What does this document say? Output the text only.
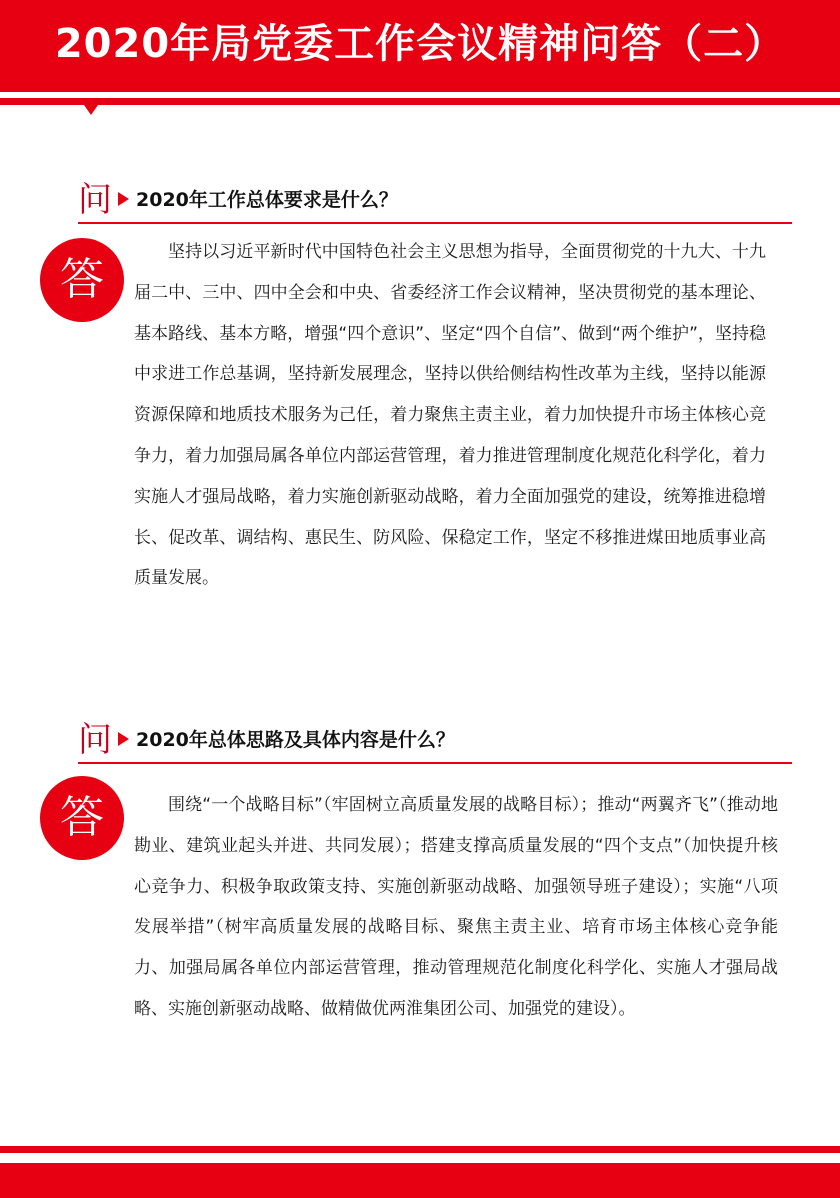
2020年局党委工作会议精神问答（二）
问 2020年工作总体要求是什么？
答
坚持以习近平新时代中国特色社会主义思想为指导，全面贯彻党的十九大、十九届二中、三中、四中全会和中央、省委经济工作会议精神，坚决贯彻党的基本理论、基本路线、基本方略，增强“四个意识”、坚定“四个自信”、做到“两个维护”，坚持稳中求进工作总基调，坚持新发展理念，坚持以供给侧结构性改革为主线，坚持以能源资源保障和地质技术服务为己任，着力聚焦主责主业，着力加快提升市场主体核心竞争力，着力加强局属各单位内部运营管理，着力推进管理制度化规范化科学化，着力实施人才强局战略，着力实施创新驱动战略，着力全面加强党的建设，统筹推进稳增长、促改革、调结构、惠民生、防风险、保稳定工作，坚定不移推进煤田地质事业高质量发展。
问 2020年总体思路及具体内容是什么？
答	围绕“一个战略目标”（牢固树立高质量发展的战略目标）；推动“两翼齐飞”（推动地勘业、建筑业起头并进、共同发展）；搭建支撑高质量发展的“四个支点”（加快提升核心竞争力、积极争取政策支持、实施创新驱动战略、加强领导班子建设）；实施“八项发展举措”（树牢高质量发展的战略目标、聚焦主责主业、培育市场主体核心竞争能力、加强局属各单位内部运营管理，推动管理规范化制度化科学化、实施人才强局战略、实施创新驱动战略、做精做优两淮集团公司、加强党的建设）。
